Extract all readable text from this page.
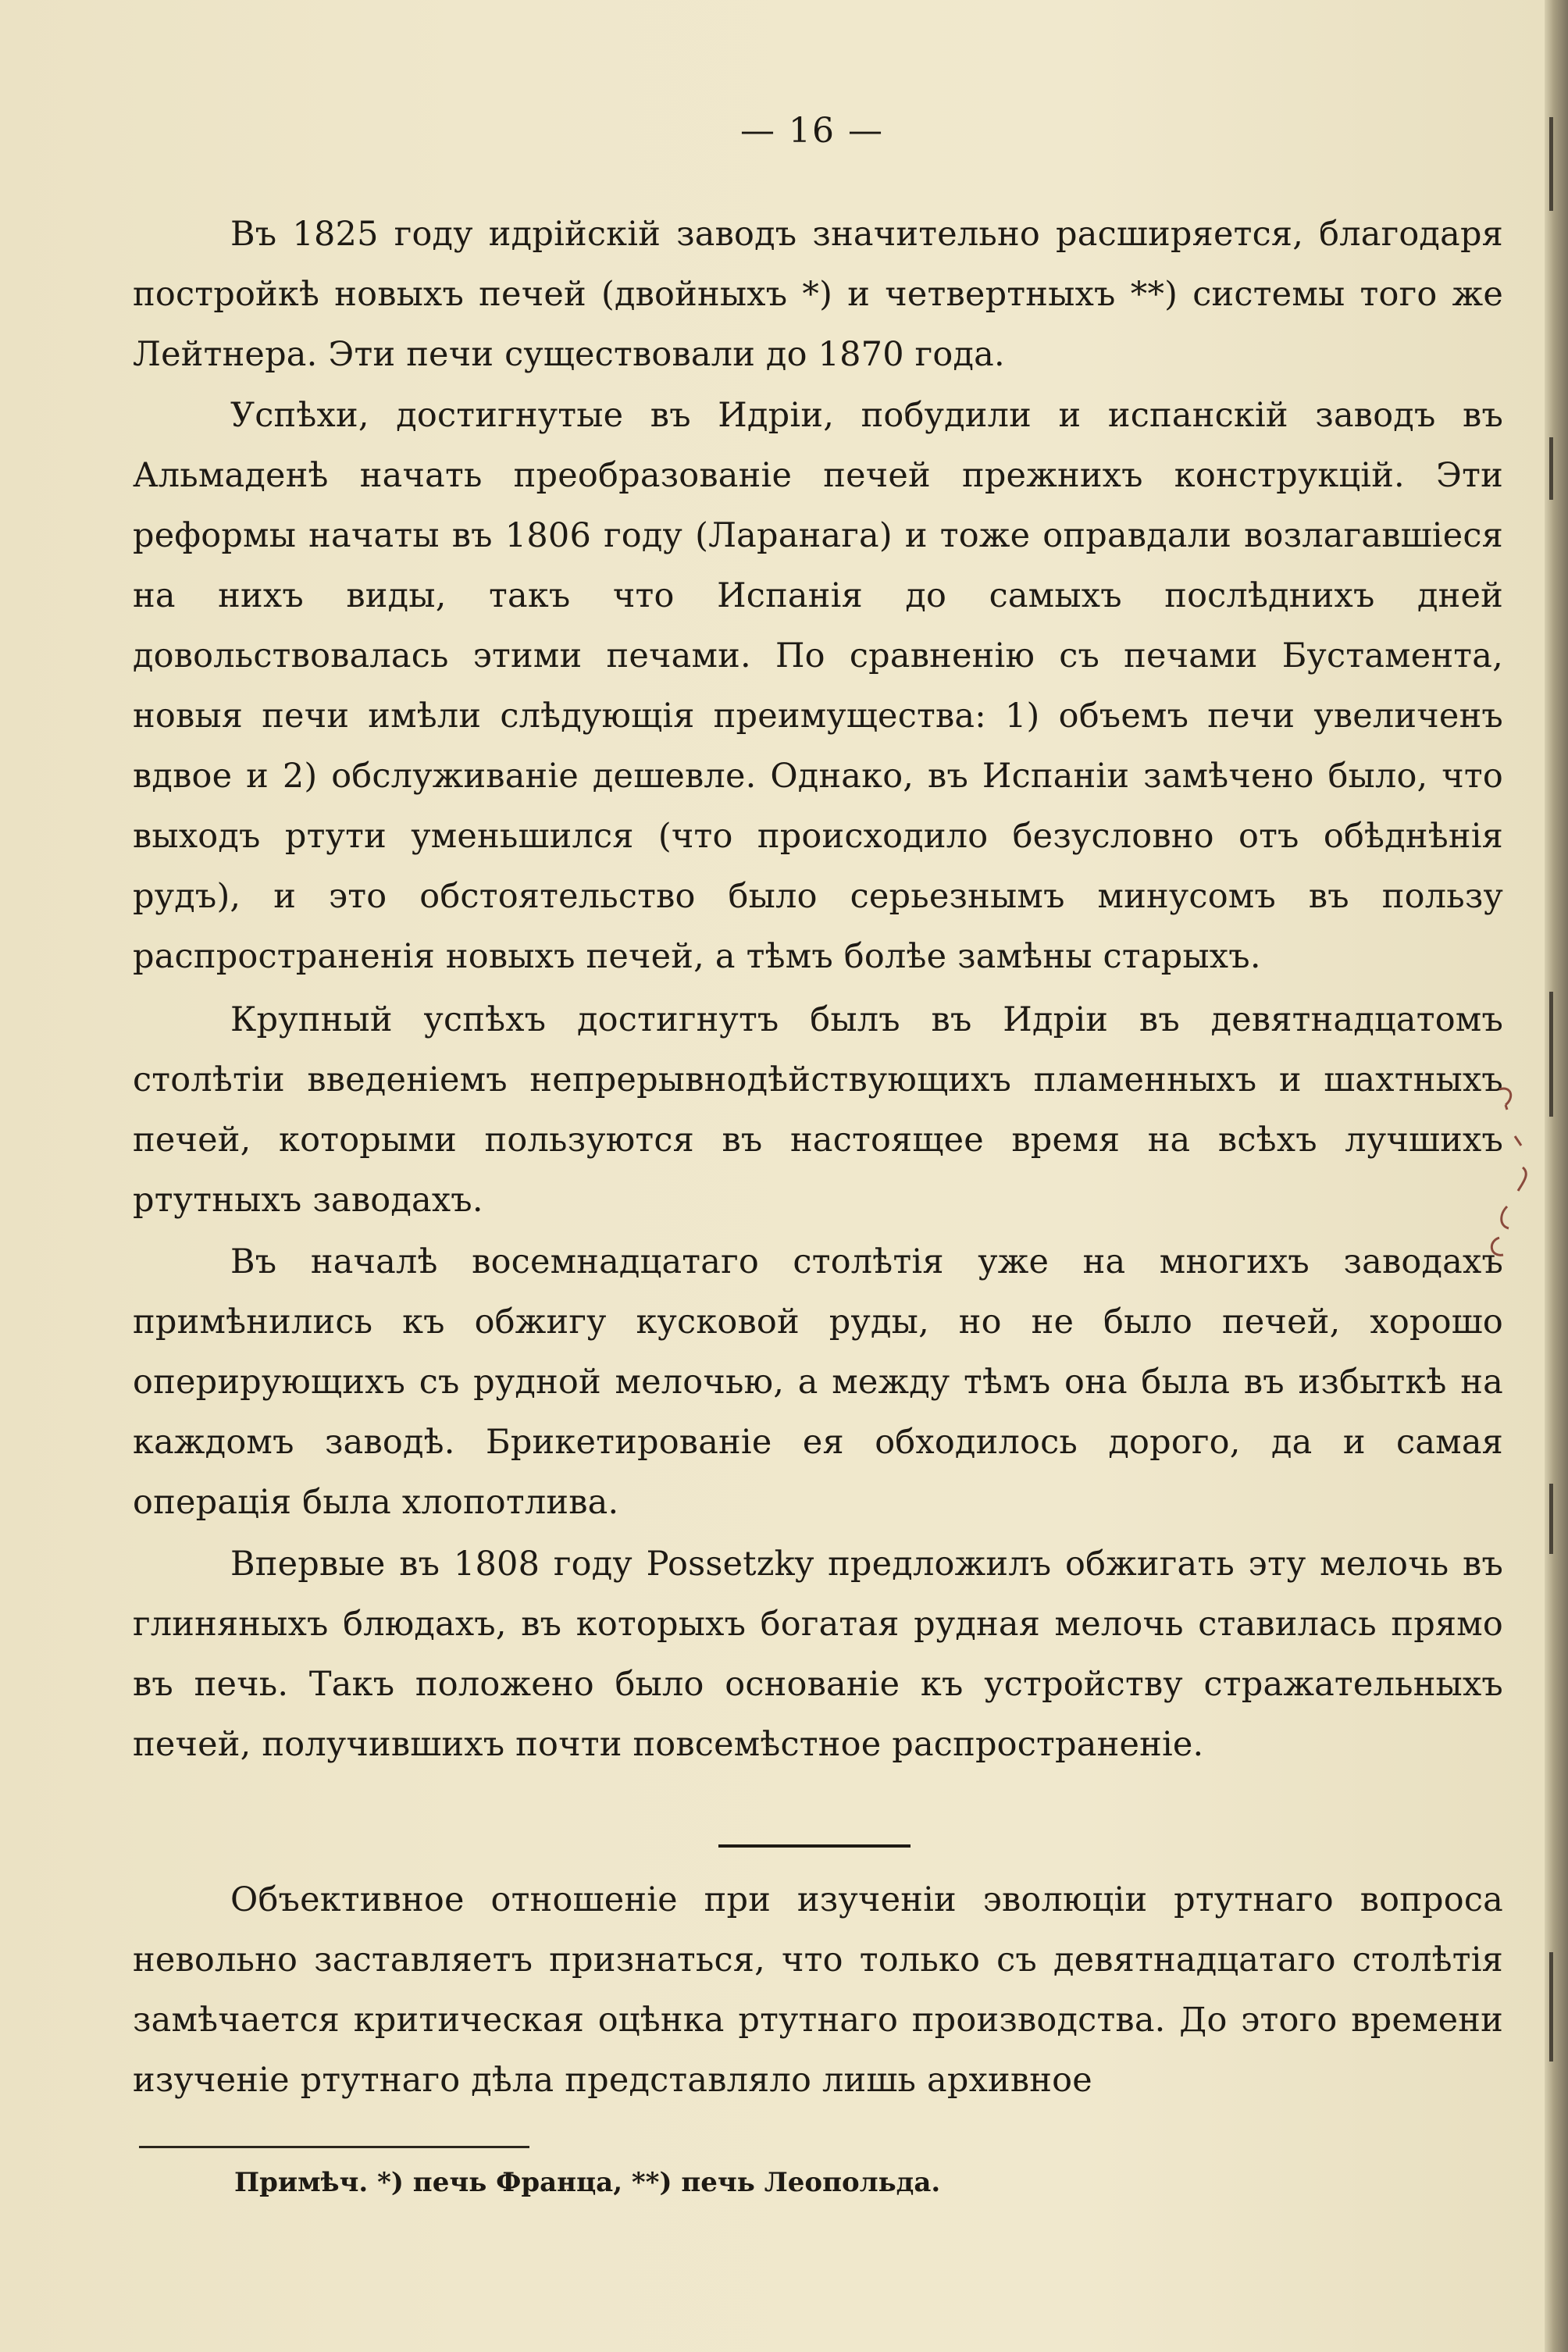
— 16 —

Въ 1825 году идрійскій заводъ значительно расширяется, благодаря постройкѣ новыхъ печей (двойныхъ *) и четвертныхъ **) системы того же Лейтнера. Эти печи существовали до 1870 года.

Успѣхи, достигнутые въ Идріи, побудили и испанскій заводъ въ Альмаденѣ начать преобразованіе печей прежнихъ конструкцій. Эти реформы начаты въ 1806 году (Ларанага) и тоже оправдали возлагавшіеся на нихъ виды, такъ что Испанія до самыхъ послѣднихъ дней довольствовалась этими печами. По сравненію съ печами Бустамента, новыя печи имѣли слѣдующія преимущества: 1) объемъ печи увеличенъ вдвое и 2) обслуживаніе дешевле. Однако, въ Испаніи замѣчено было, что выходъ ртути уменьшился (что происходило безусловно отъ обѣднѣнія рудъ), и это обстоятельство было серьезнымъ минусомъ въ пользу распространенія новыхъ печей, а тѣмъ болѣе замѣны старыхъ.

Крупный успѣхъ достигнутъ былъ въ Идріи въ девятнадцатомъ столѣтіи введеніемъ непрерывнодѣйствующихъ пламенныхъ и шахтныхъ печей, которыми пользуются въ настоящее время на всѣхъ лучшихъ ртутныхъ заводахъ.

Въ началѣ восемнадцатаго столѣтія уже на многихъ заводахъ примѣнились къ обжигу кусковой руды, но не было печей, хорошо оперирующихъ съ рудной мелочью, а между тѣмъ она была въ избыткѣ на каждомъ заводѣ. Брикетированіе ея обходилось дорого, да и самая операція была хлопотлива.

Впервые въ 1808 году Possetzky предложилъ обжигать эту мелочь въ глиняныхъ блюдахъ, въ которыхъ богатая рудная мелочь ставилась прямо въ печь. Такъ положено было основаніе къ устройству стражательныхъ печей, получившихъ почти повсемѣстное распространеніе.

Объективное отношеніе при изученіи эволюціи ртутнаго вопроса невольно заставляетъ признаться, что только съ девятнадцатаго столѣтія замѣчается критическая оцѣнка ртутнаго производства. До этого времени изученіе ртутнаго дѣла представляло лишь архивное

Примѣч. *) печь Франца, **) печь Леопольда.
